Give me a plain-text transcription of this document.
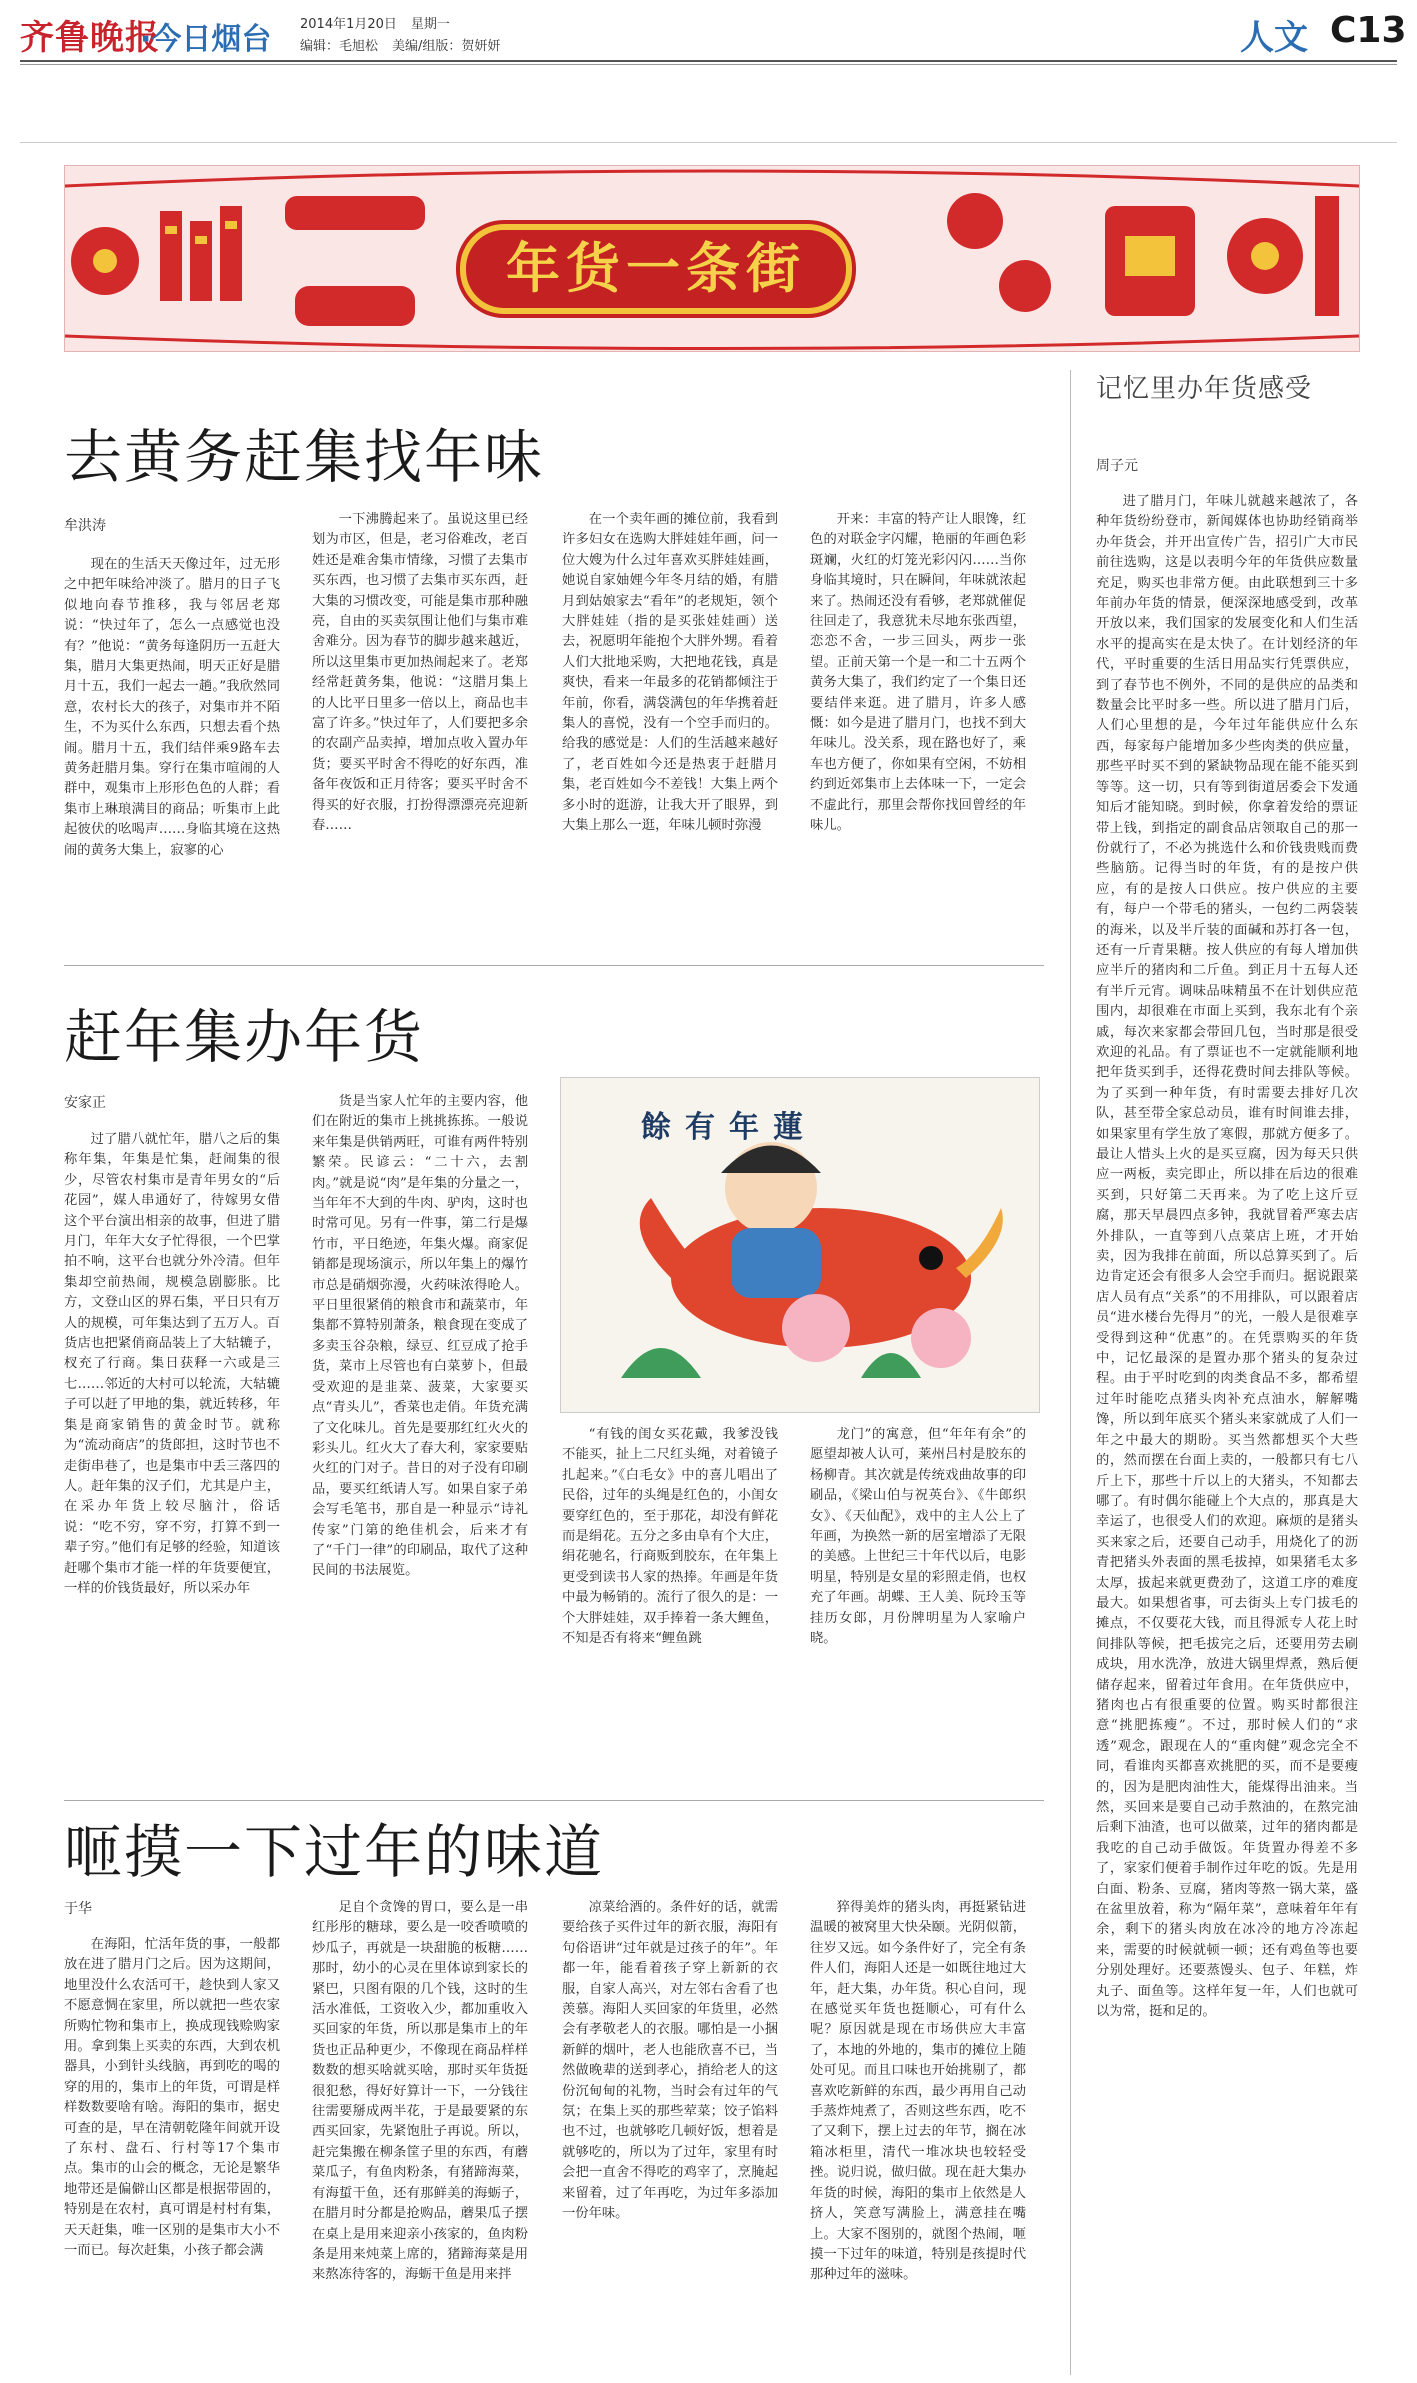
齐鲁晚报
·今日烟台 2014年1月20日 星期一
编辑：毛旭松 美编/组版：贺妍妍	人文 C13
年货一条街
去黄务赶集找年味
牟洪涛

现在的生活天天像过年，过无形之中把年味给冲淡了。腊月的日子飞似地向春节推移，我与邻居老郑说：“快过年了，怎么一点感觉也没有？”他说：“黄务每逢阴历一五赶大集，腊月大集更热闹，明天正好是腊月十五，我们一起去一趟。”我欣然同意，农村长大的孩子，对集市并不陌生，不为买什么东西，只想去看个热闹。腊月十五，我们结伴乘9路车去黄务赶腊月集。穿行在集市喧闹的人群中，观集市上形形色色的人群；看集市上琳琅满目的商品；听集市上此起彼伏的吆喝声……身临其境在这热闹的黄务大集上，寂寥的心

一下沸腾起来了。虽说这里已经划为市区，但是，老习俗难改，老百姓还是难舍集市情缘，习惯了去集市买东西，也习惯了去集市买东西，赶大集的习惯改变，可能是集市那种融亮，自由的买卖氛围让他们与集市难舍难分。因为春节的脚步越来越近，所以这里集市更加热闹起来了。老郑经常赶黄务集，他说：“这腊月集上的人比平日里多一倍以上，商品也丰富了许多。”快过年了，人们要把多余的农副产品卖掉，增加点收入置办年货；要买平时舍不得吃的好东西，准备年夜饭和正月待客；要买平时舍不得买的好衣服，打扮得漂漂亮亮迎新春……

在一个卖年画的摊位前，我看到许多妇女在选购大胖娃娃年画，问一位大嫂为什么过年喜欢买胖娃娃画，她说自家妯娌今年冬月结的婚，有腊月到姑娘家去“看年”的老规矩，领个大胖娃娃（指的是买张娃娃画）送去，祝愿明年能抱个大胖外甥。看着人们大批地采购，大把地花钱，真是爽快，看来一年最多的花销都倾注于年前，你看，满袋满包的年华携着赶集人的喜悦，没有一个空手而归的。给我的感觉是：人们的生活越来越好了，老百姓如今还是热衷于赶腊月集，老百姓如今不差钱！大集上两个多小时的逛游，让我大开了眼界，到大集上那么一逛，年味儿顿时弥漫

开来：丰富的特产让人眼馋，红色的对联金字闪耀，艳丽的年画色彩斑斓，火红的灯笼光彩闪闪……当你身临其境时，只在瞬间，年味就浓起来了。热闹还没有看够，老郑就催促往回走了，我意犹未尽地东张西望，恋恋不舍，一步三回头，两步一张望。正前天第一个是一和二十五两个黄务大集了，我们约定了一个集日还要结伴来逛。进了腊月，许多人感慨：如今是进了腊月门，也找不到大年味儿。没关系，现在路也好了，乘车也方便了，你如果有空闲，不妨相约到近郊集市上去体味一下，一定会不虚此行，那里会帮你找回曾经的年味儿。

赶年集办年货
安家正

过了腊八就忙年，腊八之后的集称年集，年集是忙集，赶闹集的很少，尽管农村集市是青年男女的“后花园”，媒人串通好了，待嫁男女借这个平台演出相亲的故事，但进了腊月门，年年大女子忙得很，一个巴掌拍不响，这平台也就分外冷清。但年集却空前热闹，规模急剧膨胀。比方，文登山区的界石集，平日只有万人的规模，可年集达到了五万人。百货店也把紧俏商品装上了大轱辘子，杈充了行商。集日获释一六或是三七……邻近的大村可以轮流，大轱辘子可以赶了甲地的集，就近转移，年集是商家销售的黄金时节。就称为“流动商店”的货郎担，这时节也不走街串巷了，也是集市中丢三落四的人。赶年集的汉子们，尤其是户主，在采办年货上较尽脑汁，俗话说：“吃不穷，穿不穷，打算不到一辈子穷。”他们有足够的经验，知道该赶哪个集市才能一样的年货要便宜，一样的价钱货最好，所以采办年

货是当家人忙年的主要内容，他们在附近的集市上挑挑拣拣。一般说来年集是供销两旺，可谁有两件特别繁荣。民谚云：“二十六，去割肉。”就是说“肉”是年集的分量之一，当年年不大到的牛肉、驴肉，这时也时常可见。另有一件事，第二行是爆竹市，平日绝迹，年集火爆。商家促销都是现场演示，所以年集上的爆竹市总是硝烟弥漫，火药味浓得呛人。平日里很紧俏的粮食市和蔬菜市，年集都不算特别萧条，粮食现在变成了多卖玉谷杂粮，绿豆、红豆成了抢手货，菜市上尽管也有白菜萝卜，但最受欢迎的是韭菜、菠菜，大家要买点“青头儿”，香菜也走俏。年货充满了文化味儿。首先是要那红红火火的彩头儿。红火大了春大利，家家要贴火红的门对子。昔日的对子没有印刷品，要买红纸请人写。如果自家子弟会写毛笔书，那自是一种显示“诗礼传家”门第的绝佳机会，后来才有了“千门一律”的印刷品，取代了这种民间的书法展览。

餘有年蓮

“有钱的闺女买花戴，我爹没钱不能买，扯上二尺红头绳，对着镜子扎起来。”《白毛女》中的喜儿唱出了民俗，过年的头绳是红色的，小闺女要穿红色的，至于那花，却没有鲜花而是绢花。五分之多由阜有个大庄，绢花驰名，行商贩到胶东，在年集上更受到读书人家的热捧。年画是年货中最为畅销的。流行了很久的是：一个大胖娃娃，双手捧着一条大鲤鱼，不知是否有将来“鲤鱼跳

龙门”的寓意，但“年年有余”的愿望却被人认可，莱州吕村是胶东的杨柳青。其次就是传统戏曲故事的印刷品，《梁山伯与祝英台》、《牛郎织女》、《天仙配》，戏中的主人公上了年画，为换然一新的居室增添了无限的美感。上世纪三十年代以后，电影明星，特别是女星的彩照走俏，也权充了年画。胡蝶、王人美、阮玲玉等挂历女郎，月份牌明星为人家喻户晓。

咂摸一下过年的味道
于华

在海阳，忙活年货的事，一般都放在进了腊月门之后。因为这期间，地里没什么农活可干，趁快到人家又不愿意惆在家里，所以就把一些农家所购忙物和集市上，换成现钱赊购家用。拿到集上买卖的东西，大到农机器具，小到针头线脑，再到吃的喝的穿的用的，集市上的年货，可谓是样样数数要啥有啥。海阳的集市，据史可查的是，早在清朝乾隆年间就开设了东村、盘石、行村等17个集市点。集市的山会的概念，无论是繁华地带还是偏僻山区都是根据带固的，特别是在农村，真可谓是村村有集，天天赶集，唯一区别的是集市大小不一而已。每次赶集，小孩子都会满

足自个贪馋的胃口，要么是一串红彤彤的糖球，要么是一咬香喷喷的炒瓜子，再就是一块甜脆的板糖……那时，幼小的心灵在里体谅到家长的紧巴，只图有限的几个钱，这时的生活水准低，工资收入少，都加重收入买回家的年货，所以那是集市上的年货也正品种更少，不像现在商品样样数数的想买啥就买啥，那时买年货挺很犯愁，得好好算计一下，一分钱往往需要掰成两半花，于是最要紧的东西买回家，先紧饱肚子再说。所以，赶完集搬在柳条筐子里的东西，有蘑菜瓜子，有鱼肉粉条，有猪蹄海菜，有海蜇干鱼，还有那鲜美的海蛎子，在腊月时分都是抢购品，蘑果瓜子摆在桌上是用来迎亲小孩家的，鱼肉粉条是用来炖菜上席的，猪蹄海菜是用来熬冻待客的，海蛎干鱼是用来拌

凉菜给酒的。条件好的话，就需要给孩子买件过年的新衣服，海阳有句俗语讲“过年就是过孩子的年”。年都一年，能看着孩子穿上新新的衣服，自家人高兴，对左邻右舍看了也羡慕。海阳人买回家的年货里，必然会有孝敬老人的衣服。哪怕是一小捆新鲜的烟叶，老人也能欣喜不已，当然做晚辈的送到孝心，捎给老人的这份沉甸甸的礼物，当时会有过年的气氛；在集上买的那些荤菜；饺子馅料也不过，也就够吃几顿好饭，想着是就够吃的，所以为了过年，家里有时会把一直舍不得吃的鸡宰了，烹腌起来留着，过了年再吃，为过年多添加一份年味。

猝得美炸的猪头肉，再挺紧钻进温暖的被窝里大快朵颐。光阴似箭，往岁又远。如今条件好了，完全有条件人们，海阳人还是一如既往地过大年，赶大集，办年货。积心自问，现在感觉买年货也挺顺心，可有什么呢？原因就是现在市场供应大丰富了，本地的外地的，集市的摊位上随处可见。而且口味也开始挑剔了，都喜欢吃新鲜的东西，最少再用自己动手蒸炸炖煮了，否则这些东西，吃不了又剩下，摆上过去的年节，搁在冰箱冰柜里，清代一堆冰块也较轻受挫。说归说，做归做。现在赶大集办年货的时候，海阳的集市上依然是人挤人，笑意写满脸上，满意挂在嘴上。大家不图别的，就图个热闹，咂摸一下过年的味道，特别是孩提时代那种过年的滋味。

记忆里办年货感受
周子元

进了腊月门，年味儿就越来越浓了，各种年货纷纷登市，新闻媒体也协助经销商举办年货会，并开出宣传广告，招引广大市民前往选购，这是以表明今年的年货供应数量充足，购买也非常方便。由此联想到三十多年前办年货的情景，便深深地感受到，改革开放以来，我们国家的发展变化和人们生活水平的提高实在是太快了。在计划经济的年代，平时重要的生活日用品实行凭票供应，到了春节也不例外，不同的是供应的品类和数量会比平时多一些。所以进了腊月门后，人们心里想的是，今年过年能供应什么东西，每家每户能增加多少些肉类的供应量，那些平时买不到的紧缺物品现在能不能买到等等。这一切，只有等到街道居委会下发通知后才能知晓。到时候，你拿着发给的票证带上钱，到指定的副食品店领取自己的那一份就行了，不必为挑选什么和价钱贵贱而费些脑筋。记得当时的年货，有的是按户供应，有的是按人口供应。按户供应的主要有，每户一个带毛的猪头，一包约二两袋装的海米，以及半斤装的面碱和苏打各一包，还有一斤青果糖。按人供应的有每人增加供应半斤的猪肉和二斤鱼。到正月十五每人还有半斤元宵。调味品味精虽不在计划供应范围内，却很难在市面上买到，我东北有个亲戚，每次来家都会带回几包，当时那是很受欢迎的礼品。有了票证也不一定就能顺利地把年货买到手，还得花费时间去排队等候。为了买到一种年货，有时需要去排好几次队，甚至带全家总动员，谁有时间谁去排，如果家里有学生放了寒假，那就方便多了。最让人惜头上火的是买豆腐，因为每天只供应一两板，卖完即止，所以排在后边的很难买到，只好第二天再来。为了吃上这斤豆腐，那天早晨四点多钟，我就冒着严寒去店外排队，一直等到八点菜店上班，才开始卖，因为我排在前面，所以总算买到了。后边肯定还会有很多人会空手而归。据说跟菜店人员有点“关系”的不用排队，可以跟着店员“进水楼台先得月”的光，一般人是很难享受得到这种“优惠”的。在凭票购买的年货中，记忆最深的是置办那个猪头的复杂过程。由于平时吃到的肉类食品不多，都希望过年时能吃点猪头肉补充点油水，解解嘴馋，所以到年底买个猪头来家就成了人们一年之中最大的期盼。买当然都想买个大些的，然而摆在台面上卖的，一般都只有七八斤上下，那些十斤以上的大猪头，不知都去哪了。有时偶尔能碰上个大点的，那真是大幸运了，也很受人们的欢迎。麻烦的是猪头买来家之后，还要自己动手，用烧化了的沥青把猪头外表面的黑毛拔掉，如果猪毛太多太厚，拔起来就更费劲了，这道工序的难度最大。如果想省事，可去街头上专门拔毛的摊点，不仅要花大钱，而且得派专人花上时间排队等候，把毛拔完之后，还要用劳去刷成块，用水洗净，放进大锅里焊煮，熟后便储存起来，留着过年食用。在年货供应中，猪肉也占有很重要的位置。购买时都很注意“挑肥拣瘦”。不过，那时候人们的“求透”观念，跟现在人的“重肉健”观念完全不同，看谁肉买都喜欢挑肥的买，而不是要瘦的，因为是肥肉油性大，能煤得出油来。当然，买回来是要自己动手熬油的，在熬完油后剩下油渣，也可以做菜，过年的猪肉都是我吃的自己动手做饭。年货置办得差不多了，家家们便着手制作过年吃的饭。先是用白面、粉条、豆腐，猪肉等熬一锅大菜，盛在盆里放着，称为“隔年菜”，意味着年年有余，剩下的猪头肉放在冰冷的地方冷冻起来，需要的时候就顿一顿；还有鸡鱼等也要分别处理好。还要蒸馒头、包子、年糕，炸丸子、面鱼等。这样年复一年，人们也就可以为常，挺和足的。
